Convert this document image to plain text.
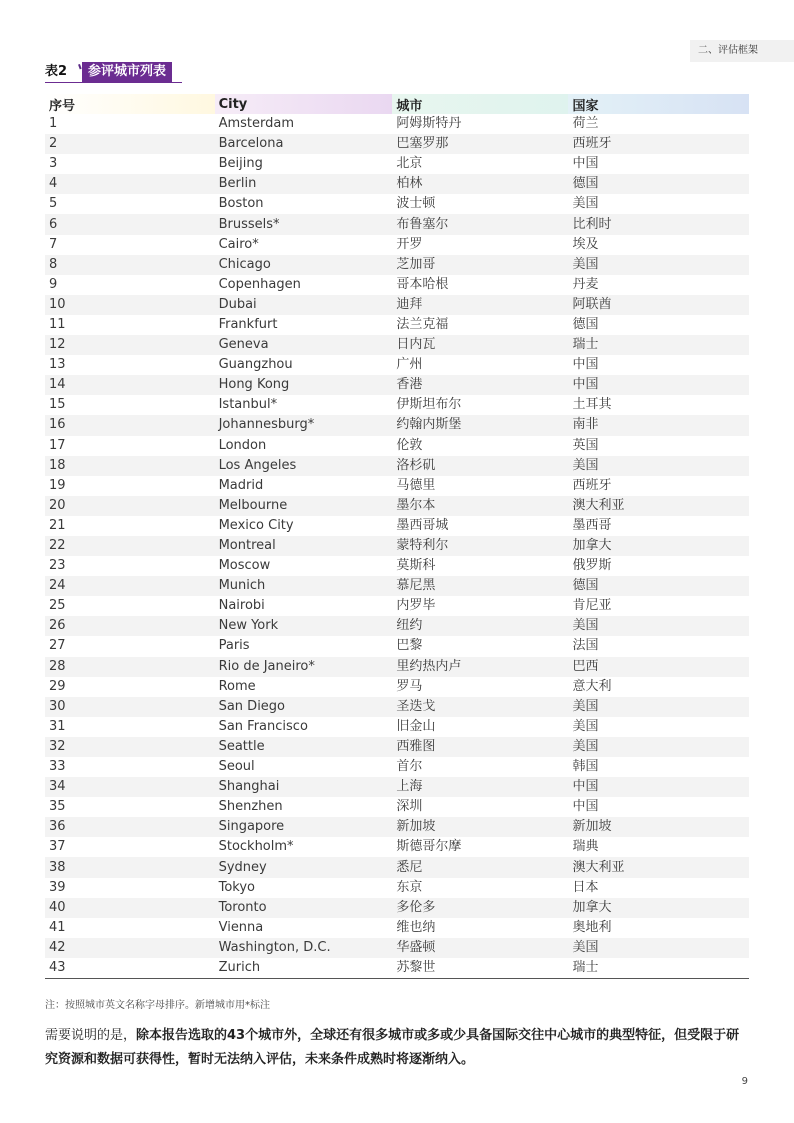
二、评估框架
表2	参评城市列表
序号	City	城市	国家
1	Amsterdam	阿姆斯特丹	荷兰
2	Barcelona	巴塞罗那	西班牙
3	Beijing	北京	中国
4	Berlin	柏林	德国
5	Boston	波士顿	美国
6	Brussels*	布鲁塞尔	比利时
7	Cairo*	开罗	埃及
8	Chicago	芝加哥	美国
9	Copenhagen	哥本哈根	丹麦
10	Dubai	迪拜	阿联酋
11	Frankfurt	法兰克福	德国
12	Geneva	日内瓦	瑞士
13	Guangzhou	广州	中国
14	Hong Kong	香港	中国
15	Istanbul*	伊斯坦布尔	土耳其
16	Johannesburg*	约翰内斯堡	南非
17	London	伦敦	英国
18	Los Angeles	洛杉矶	美国
19	Madrid	马德里	西班牙
20	Melbourne	墨尔本	澳大利亚
21	Mexico City	墨西哥城	墨西哥
22	Montreal	蒙特利尔	加拿大
23	Moscow	莫斯科	俄罗斯
24	Munich	慕尼黑	德国
25	Nairobi	内罗毕	肯尼亚
26	New York	纽约	美国
27	Paris	巴黎	法国
28	Rio de Janeiro*	里约热内卢	巴西
29	Rome	罗马	意大利
30	San Diego	圣迭戈	美国
31	San Francisco	旧金山	美国
32	Seattle	西雅图	美国
33	Seoul	首尔	韩国
34	Shanghai	上海	中国
35	Shenzhen	深圳	中国
36	Singapore	新加坡	新加坡
37	Stockholm*	斯德哥尔摩	瑞典
38	Sydney	悉尼	澳大利亚
39	Tokyo	东京	日本
40	Toronto	多伦多	加拿大
41	Vienna	维也纳	奥地利
42	Washington, D.C.	华盛顿	美国
43	Zurich	苏黎世	瑞士
注：按照城市英文名称字母排序。新增城市用*标注
需要说明的是，除本报告选取的43个城市外，全球还有很多城市或多或少具备国际交往中心城市的典型特征，但受限于研究资源和数据可获得性，暂时无法纳入评估，未来条件成熟时将逐渐纳入。
9
